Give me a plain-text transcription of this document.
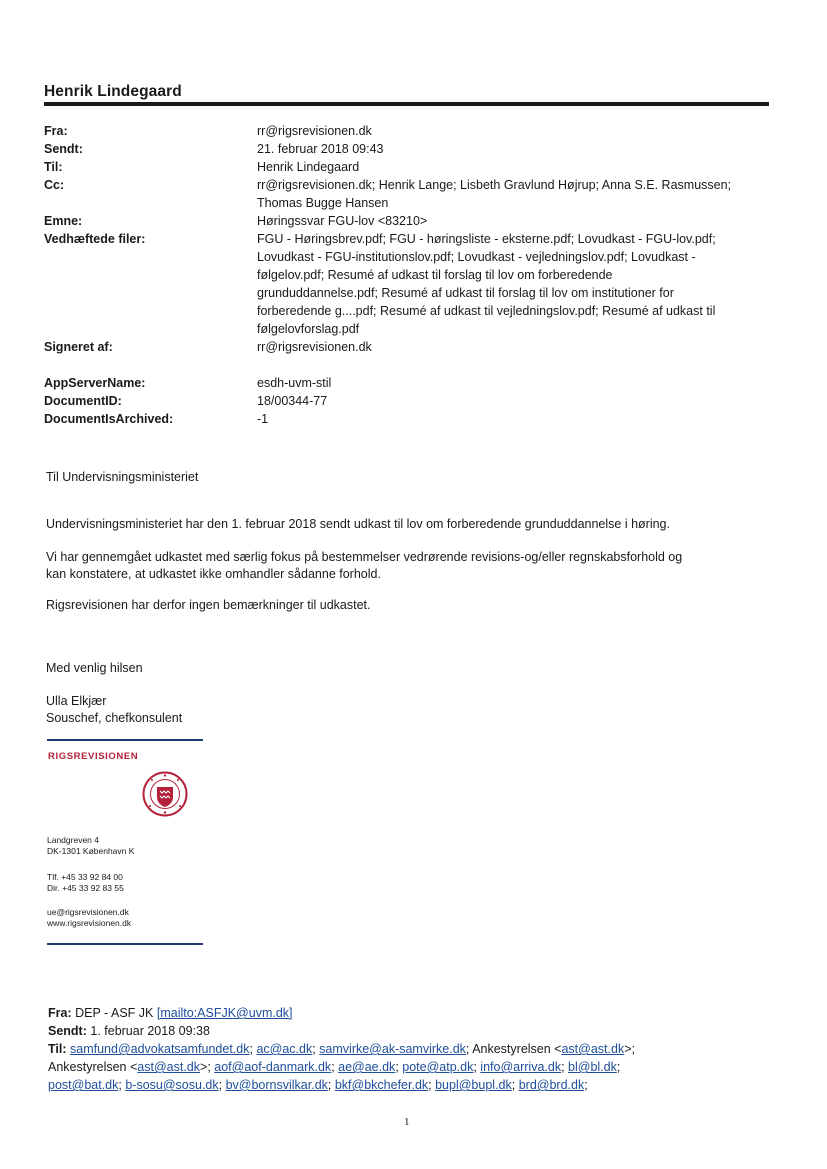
Henrik Lindegaard
Fra:	rr@rigsrevisionen.dk
Sendt:	21. februar 2018 09:43
Til:	Henrik Lindegaard
Cc:	rr@rigsrevisionen.dk; Henrik Lange; Lisbeth Gravlund Højrup; Anna S.E. Rasmussen;
Thomas Bugge Hansen
Emne:	Høringssvar FGU-lov <83210>
Vedhæftede filer:	FGU - Høringsbrev.pdf; FGU - høringsliste - eksterne.pdf; Lovudkast - FGU-lov.pdf;
Lovudkast - FGU-institutionslov.pdf; Lovudkast - vejledningslov.pdf; Lovudkast -
følgelov.pdf; Resumé af udkast til forslag til lov om forberedende
grunduddannelse.pdf; Resumé af udkast til forslag til lov om institutioner for
forberedende g....pdf; Resumé af udkast til vejledningslov.pdf; Resumé af udkast til
følgelovforslag.pdf
Signeret af:	rr@rigsrevisionen.dk
AppServerName:	esdh-uvm-stil
DocumentID:	18/00344-77
DocumentIsArchived:	-1
Til Undervisningsministeriet
Undervisningsministeriet har den 1. februar 2018 sendt udkast til lov om forberedende grunduddannelse i høring.
Vi har gennemgået udkastet med særlig fokus på bestemmelser vedrørende revisions-og/eller regnskabsforhold og
kan konstatere, at udkastet ikke omhandler sådanne forhold.
Rigsrevisionen har derfor ingen bemærkninger til udkastet.
Med venlig hilsen
Ulla Elkjær
Souschef, chefkonsulent
RIGSREVISIONEN
Landgreven 4
DK-1301 København K
Tlf. +45 33 92 84 00
Dir. +45 33 92 83 55
ue@rigsrevisionen.dk
www.rigsrevisionen.dk
Fra: DEP - ASF JK [mailto:ASFJK@uvm.dk]
Sendt: 1. februar 2018 09:38
Til: samfund@advokatsamfundet.dk; ac@ac.dk; samvirke@ak-samvirke.dk; Ankestyrelsen <ast@ast.dk>;
Ankestyrelsen <ast@ast.dk>; aof@aof-danmark.dk; ae@ae.dk; pote@atp.dk; info@arriva.dk; bl@bl.dk;
post@bat.dk; b-sosu@sosu.dk; bv@bornsvilkar.dk; bkf@bkchefer.dk; bupl@bupl.dk; brd@brd.dk;
1
